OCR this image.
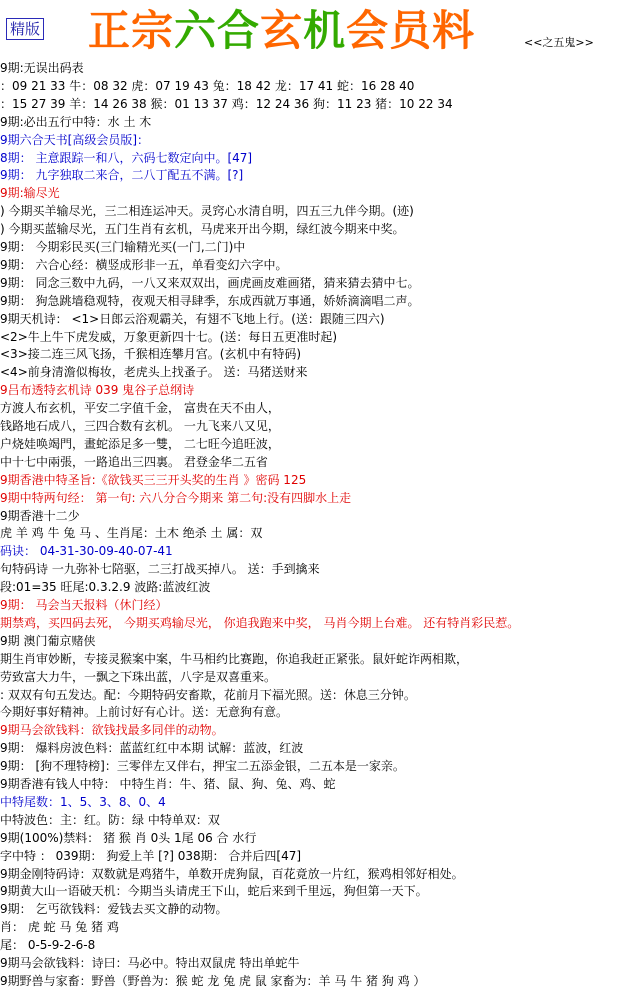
精版 正宗六合玄机会员料	<<之五鬼>>
9期:无误出码表
：09 21 33 牛：08 32 虎：07 19 43 兔：18 42 龙：17 41 蛇：16 28 40
：15 27 39 羊：14 26 38 猴：01 13 37 鸡：12 24 36 狗：11 23 猪：10 22 34
9期:必出五行中特：水 土 木
9期六合天书[高级会员版]：
8期： 主意跟踪一和八，六码七数定向中。[47]
9期： 九字独取二来合，二八丁配五不满。[?]
9期:输尽光
) 今期买羊输尽光，三二相连运冲天。灵窍心水清自明，四五三九伴今期。(迹)
) 今期买蓝输尽光，五门生肖有玄机，马虎来开出今期，绿红波今期来中奖。
9期： 今期彩民买(三门输精光买(一门,二门)中
9期： 六合心经：横竖成形非一五，单看变幻六字中。
9期： 同念三数中九码，一八又来双双出，画虎画皮难画猪，猜来猜去猜中七。
9期： 狗急跳墙稳观特，夜观天相寻肆季，东成西就万事通，娇娇滴滴唱二声。
9期天机诗： <1>日郎云浴观霸关，有翅不飞地上行。(送：跟随三四六)
<2>牛上牛下虎发威，万象更新四十七。(送：每日五更准时起)
<3>接二连三风飞扬，千猴相连攀月宫。(玄机中有特码)
<4>前身清澹似梅妆，老虎头上找蚤子。 送：马猪送财来
9吕布透特玄机诗 039 鬼谷子总纲诗
方渡人布玄机，平安二字值千金， 富贵在天不由人，
钱路地石成八，三四合数有玄机。 一九飞来八又见，
户烧娃唤竭門，畫蛇添足多一雙， 二七旺今追旺波，
中十七中兩張，一路追出三四裏。 君登金华二五省
9期香港中特圣旨:《欲钱买三三开头奖的生肖 》密码 125
9期中特两句经： 第一句: 六八分合今期来 第二句:没有四脚水上走
9期香港十二少
虎 羊 鸡 牛 兔 马 、生肖尾：土木 绝杀 土 属：双
码诀： 04-31-30-09-40-07-41
句特码诗 一九弥补七陪驱，二三打战买掉八。 送：手到擒来
段:01=35 旺尾:0.3.2.9 波路:蓝波红波
9期： 马会当天报料（休门经）
期禁鸡，买四码去死， 今期买鸡输尽光， 你追我跑来中奖， 马肖今期上台难。 还有特肖彩民惹。
9期 澳门葡京赌侠
期生肖审妙断，专接灵猴案中案，牛马相约比赛跑，你追我赶正紧张。鼠奸蛇诈两相欺，
劳致富大力牛，一飘之下珠出蓝，八字是双喜重来。
: 双双有句五发达。配：今期特码安畜欺，花前月下福光照。送：休息三分钟。
今期好事好精神。上前讨好有心计。送：无意狗有意。
9期马会欲钱料：欲钱找最多同伴的动物。
9期： 爆料房波色料：蓝蓝红红中本期 试解：蓝波，红波
9期： [狗不理特榜]：三零伴左又伴右，押宝二五添金银，二五本是一家亲。
9期香港有钱人中特： 中特生肖：牛、猪、鼠、狗、兔、鸡、蛇
中特尾数：1、5、3、8、0、4
中特波色：主：红。防：绿 中特单双：双
9期(100%)禁料： 猪 猴 肖 0头 1尾 06 合 水行
字中特 ： 039期： 狗爱上羊 [?] 038期： 合并后四[47]
9期金刚特码诗：双数就是鸡猪牛，单数开虎狗鼠，百花竟放一片红，猴鸡相邻好相处。
9期黄大山一语破天机：今期当头请虎王下山，蛇后来到千里远，狗但第一天下。
9期： 乞丐欲钱料：爱钱去买文静的动物。
肖： 虎 蛇 马 兔 猪 鸡
尾： 0-5-9-2-6-8
9期马会欲钱料：诗曰：马必中。特出双鼠虎 特出单蛇牛
9期野兽与家畜：野兽（野兽为：猴 蛇 龙 兔 虎 鼠 家畜为：羊 马 牛 猪 狗 鸡 ）
